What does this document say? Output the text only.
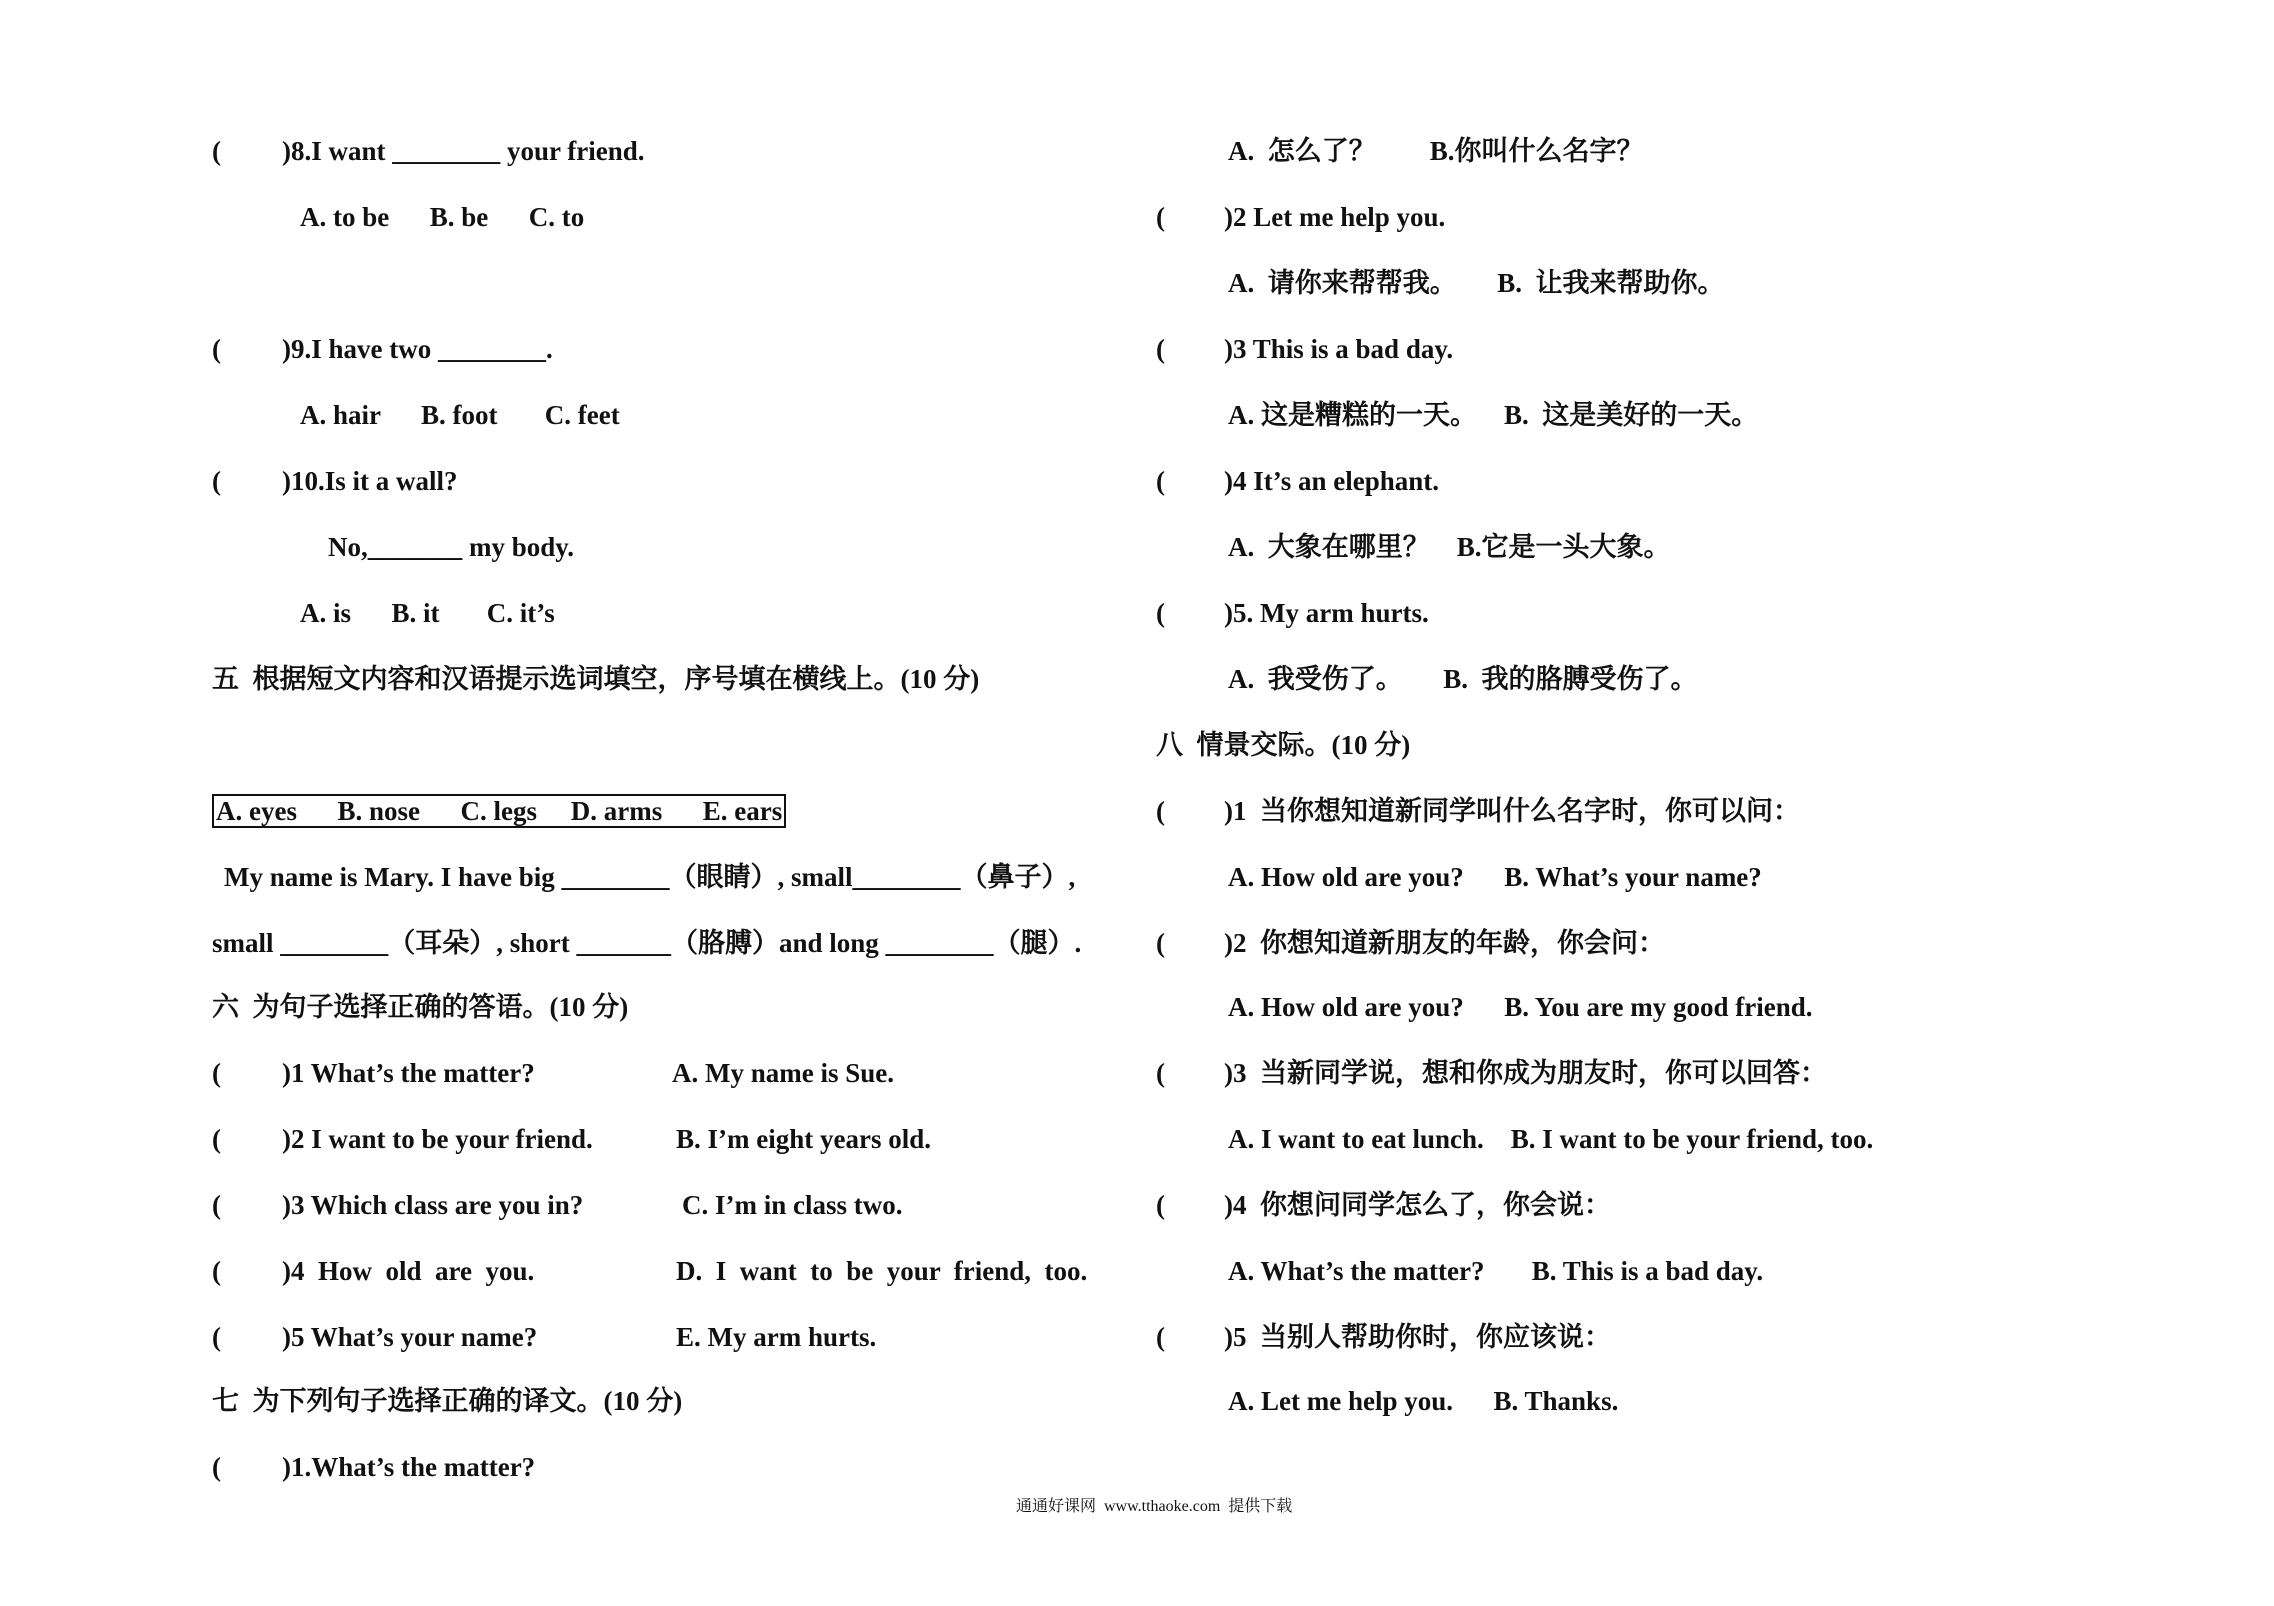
( )8.I want ________ your friend.
A. to be      B. be      C. to
( )9.I have two ________.
A. hair      B. foot       C. feet
( )10.Is it a wall?
No,_______ my body.
A. is      B. it       C. it’s
五  根据短文内容和汉语提示选词填空，序号填在横线上。(10 分)
A. eyes      B. nose      C. legs     D. arms      E. ears
My name is Mary. I have big ________（眼睛）, small________（鼻子）,
small ________（耳朵）, short _______（胳膊）and long ________（腿）.
六  为句子选择正确的答语。(10 分)
( )1 What’s the matter?	A. My name is Sue.
( )2 I want to be your friend.	B. I’m eight years old.
( )3 Which class are you in?	C. I’m in class two.
( )4  How  old  are  you.	D.  I  want  to  be  your  friend,  too.
( )5 What’s your name?	E. My arm hurts.
七  为下列句子选择正确的译文。(10 分)
( )1.What’s the matter?
A.  怎么了？        B.你叫什么名字？
( )2 Let me help you.
A.  请你来帮帮我。      B.  让我来帮助你。
( )3 This is a bad day.
A. 这是糟糕的一天。    B.  这是美好的一天。
( )4 It’s an elephant.
A.  大象在哪里？    B.它是一头大象。
( )5. My arm hurts.
A.  我受伤了。      B.  我的胳膊受伤了。
八  情景交际。(10 分)
( )1  当你想知道新同学叫什么名字时，你可以问：
A. How old are you?      B. What’s your name?
( )2  你想知道新朋友的年龄，你会问：
A. How old are you?      B. You are my good friend.
( )3  当新同学说，想和你成为朋友时，你可以回答：
A. I want to eat lunch.    B. I want to be your friend, too.
( )4  你想问同学怎么了，你会说：
A. What’s the matter?       B. This is a bad day.
( )5  当别人帮助你时，你应该说：
A. Let me help you.      B. Thanks.
通通好课网  www.tthaoke.com  提供下载
